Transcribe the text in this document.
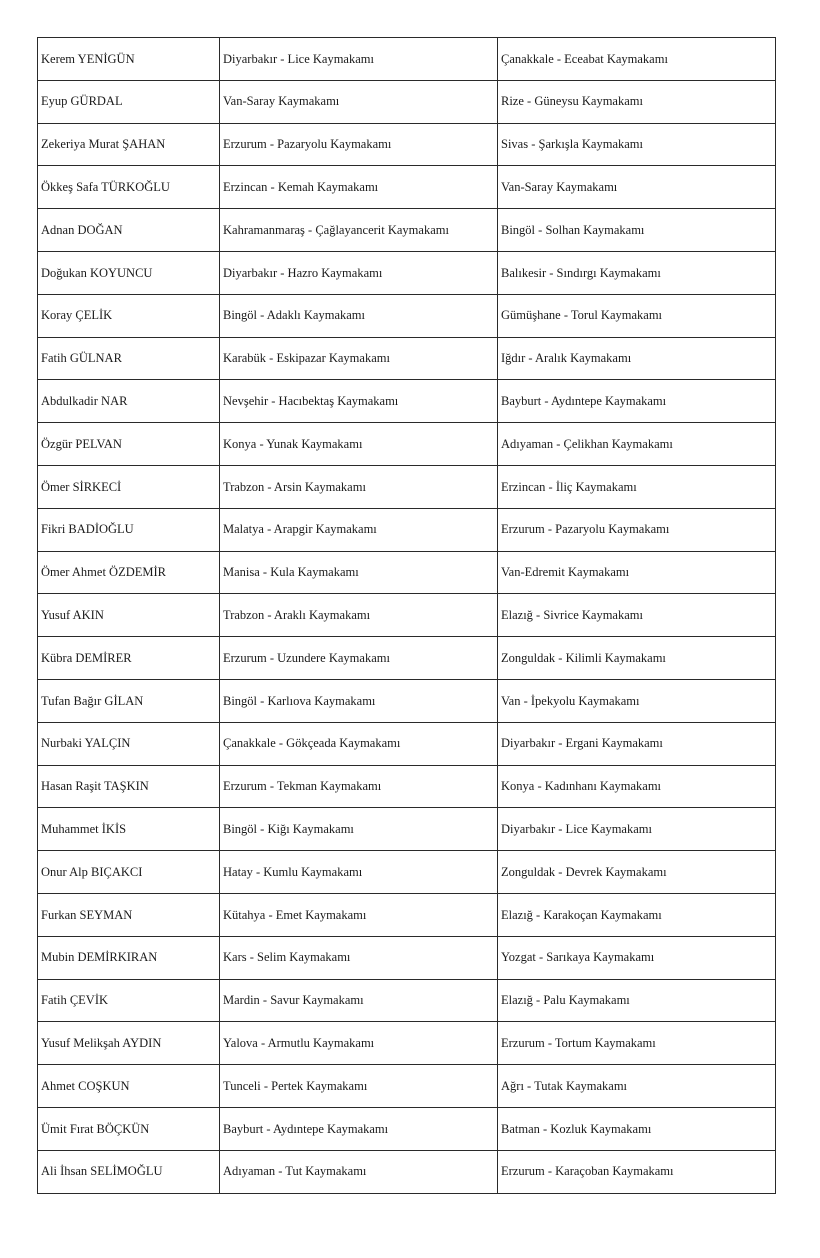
Kerem YENİGÜN	Diyarbakır - Lice Kaymakamı	Çanakkale - Eceabat Kaymakamı
Eyup GÜRDAL	Van-Saray Kaymakamı	Rize - Güneysu Kaymakamı
Zekeriya Murat ŞAHAN	Erzurum - Pazaryolu Kaymakamı	Sivas - Şarkışla Kaymakamı
Ökkeş Safa TÜRKOĞLU	Erzincan - Kemah Kaymakamı	Van-Saray Kaymakamı
Adnan DOĞAN	Kahramanmaraş - Çağlayancerit Kaymakamı	Bingöl - Solhan Kaymakamı
Doğukan KOYUNCU	Diyarbakır - Hazro Kaymakamı	Balıkesir - Sındırgı Kaymakamı
Koray ÇELİK	Bingöl - Adaklı Kaymakamı	Gümüşhane - Torul Kaymakamı
Fatih GÜLNAR	Karabük - Eskipazar Kaymakamı	Iğdır - Aralık Kaymakamı
Abdulkadir NAR	Nevşehir - Hacıbektaş Kaymakamı	Bayburt - Aydıntepe Kaymakamı
Özgür PELVAN	Konya - Yunak Kaymakamı	Adıyaman - Çelikhan Kaymakamı
Ömer SİRKECİ	Trabzon - Arsin Kaymakamı	Erzincan - İliç Kaymakamı
Fikri BADİOĞLU	Malatya - Arapgir Kaymakamı	Erzurum - Pazaryolu Kaymakamı
Ömer Ahmet ÖZDEMİR	Manisa - Kula Kaymakamı	Van-Edremit Kaymakamı
Yusuf AKIN	Trabzon - Araklı Kaymakamı	Elazığ - Sivrice Kaymakamı
Kübra DEMİRER	Erzurum - Uzundere Kaymakamı	Zonguldak - Kilimli Kaymakamı
Tufan Bağır GİLAN	Bingöl - Karlıova Kaymakamı	Van - İpekyolu Kaymakamı
Nurbaki YALÇIN	Çanakkale - Gökçeada Kaymakamı	Diyarbakır - Ergani Kaymakamı
Hasan Raşit TAŞKIN	Erzurum - Tekman Kaymakamı	Konya - Kadınhanı Kaymakamı
Muhammet İKİS	Bingöl - Kiğı Kaymakamı	Diyarbakır - Lice Kaymakamı
Onur Alp BIÇAKCI	Hatay - Kumlu Kaymakamı	Zonguldak - Devrek Kaymakamı
Furkan SEYMAN	Kütahya - Emet Kaymakamı	Elazığ - Karakoçan Kaymakamı
Mubin DEMİRKIRAN	Kars - Selim Kaymakamı	Yozgat - Sarıkaya Kaymakamı
Fatih ÇEVİK	Mardin - Savur Kaymakamı	Elazığ - Palu Kaymakamı
Yusuf Melikşah AYDIN	Yalova - Armutlu Kaymakamı	Erzurum - Tortum Kaymakamı
Ahmet COŞKUN	Tunceli - Pertek Kaymakamı	Ağrı - Tutak Kaymakamı
Ümit Fırat BÖÇKÜN	Bayburt - Aydıntepe Kaymakamı	Batman - Kozluk Kaymakamı
Ali İhsan SELİMOĞLU	Adıyaman - Tut Kaymakamı	Erzurum - Karaçoban Kaymakamı
